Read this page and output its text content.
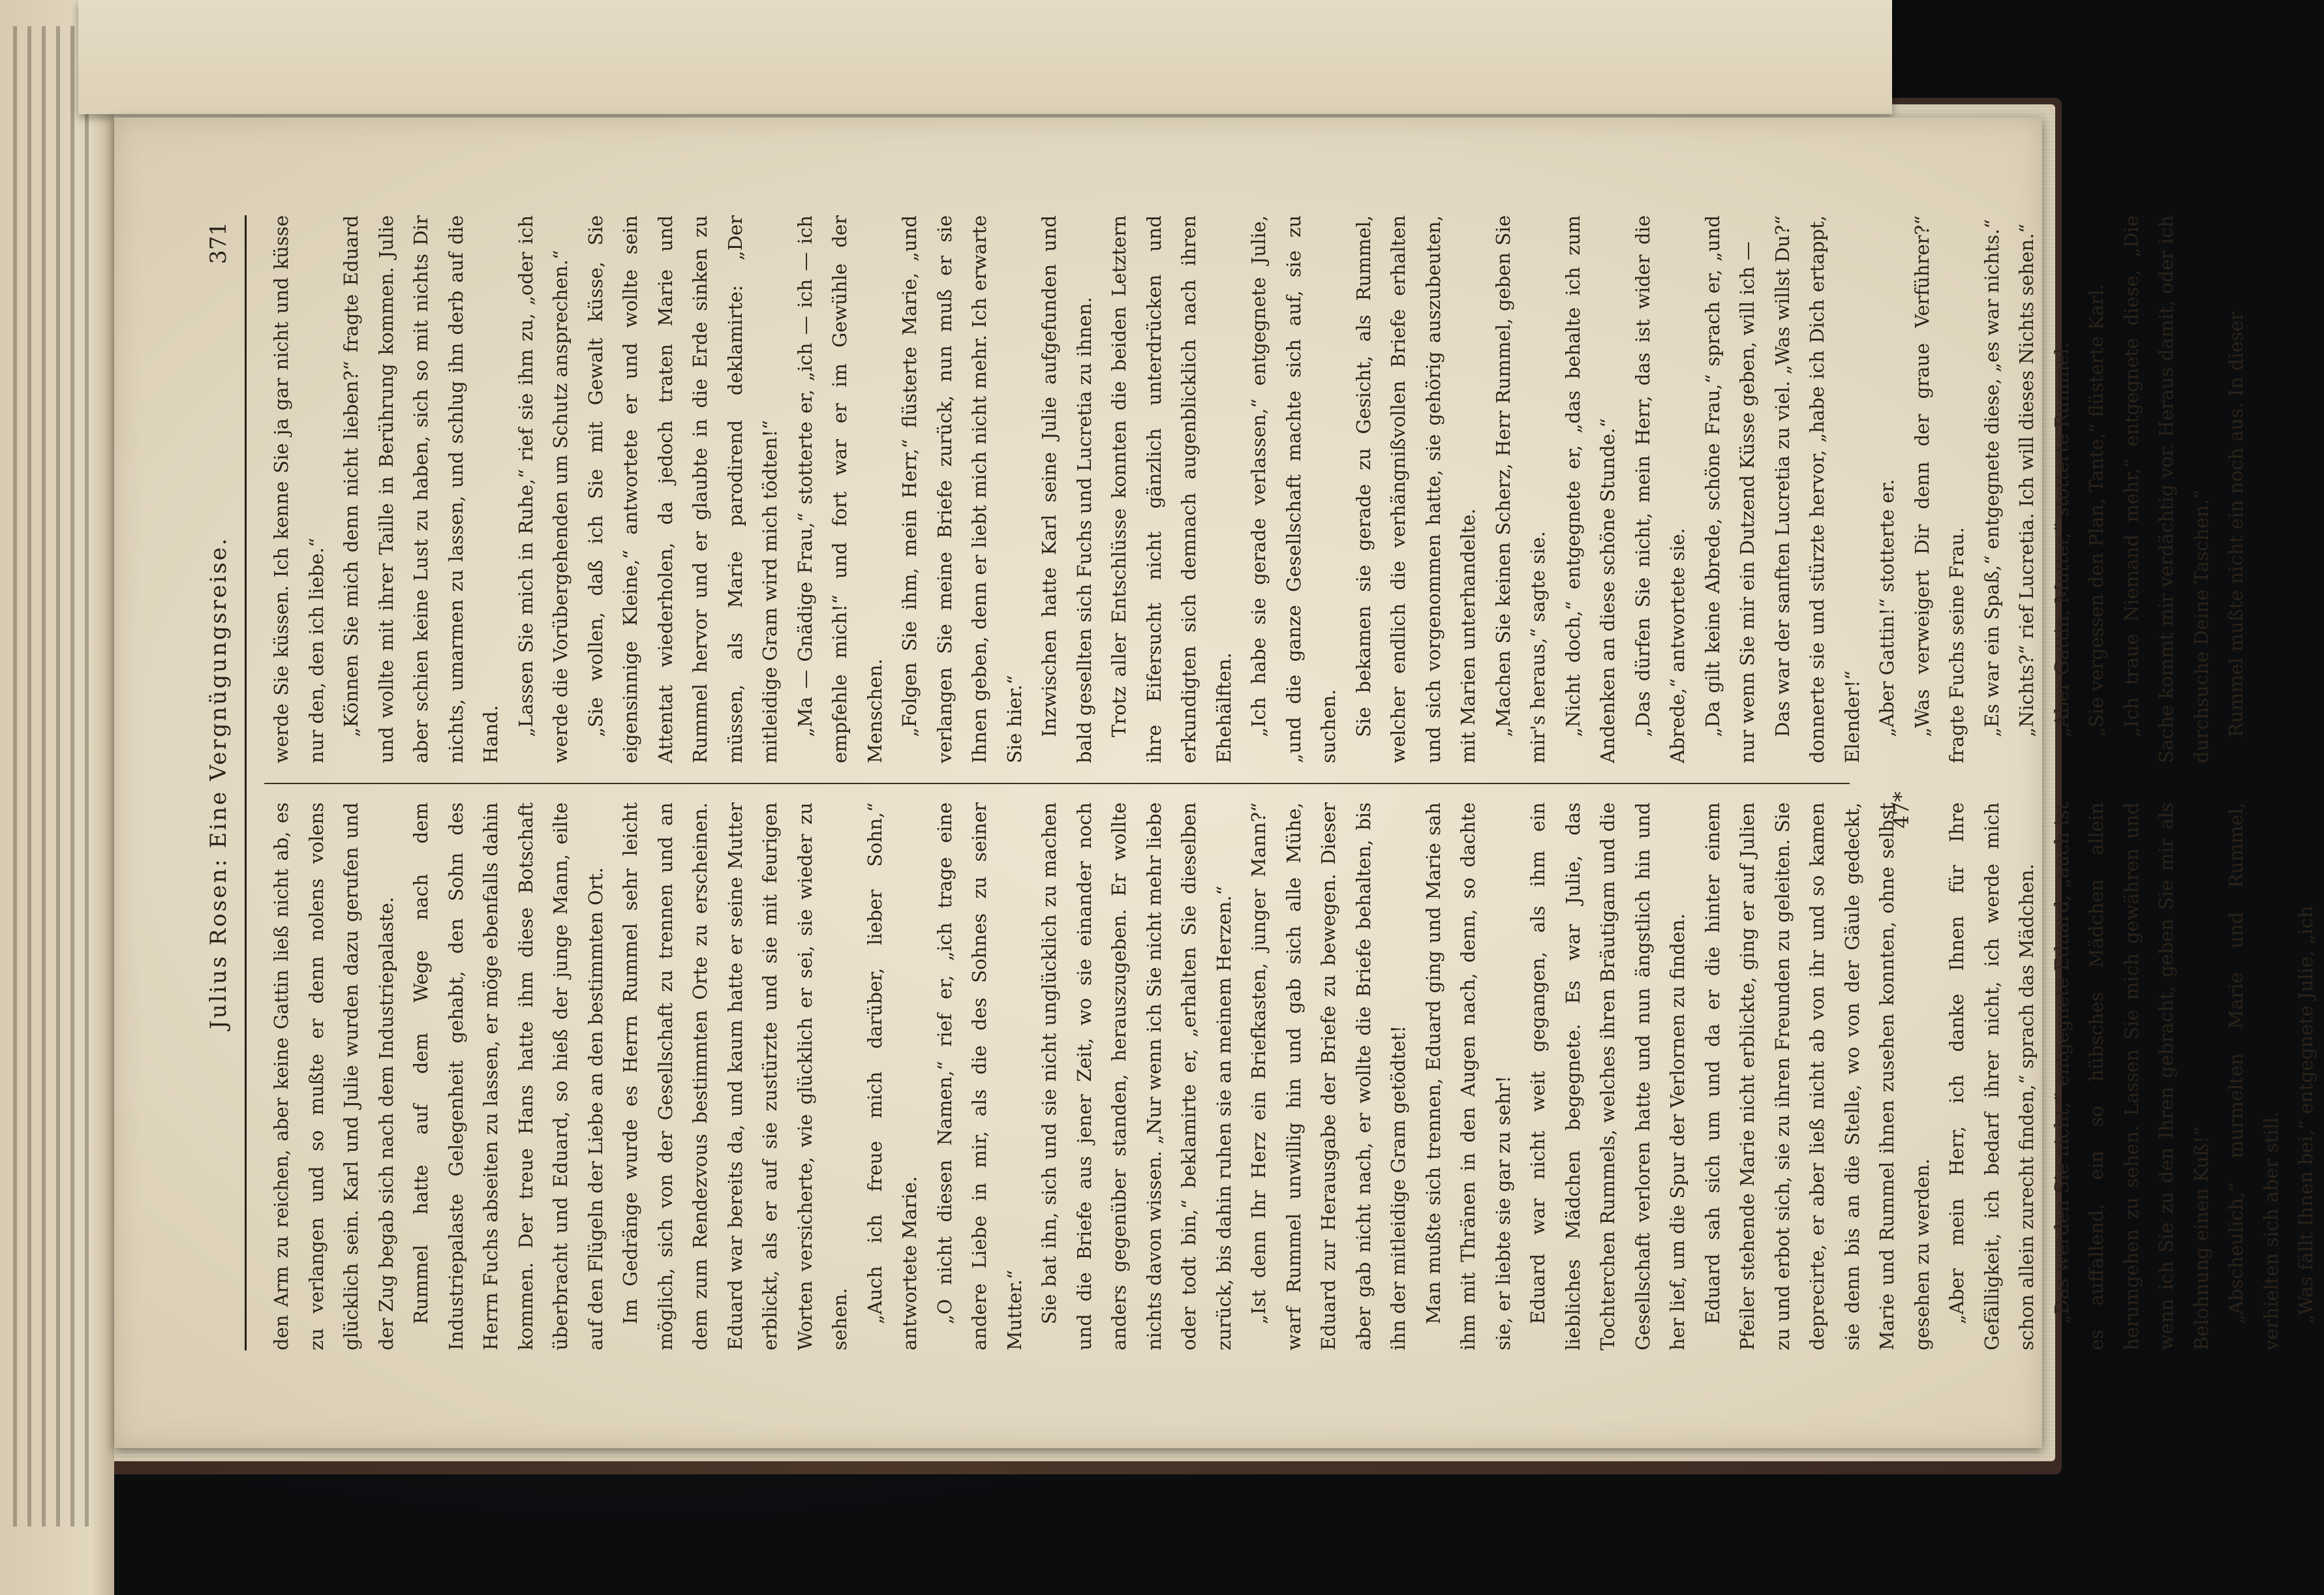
Julius Rosen: Eine Vergnügungsreise.
371

den Arm zu reichen, aber keine Gattin ließ nicht ab, es zu verlangen und so mußte er denn nolens volens glücklich sein. Karl und Julie wurden dazu gerufen und der Zug begab sich nach dem Industriepalaste. Rummel hatte auf dem Wege nach dem Industriepalaste Gelegenheit gehabt, den Sohn des Herrn Fuchs abseiten zu lassen, er möge ebenfalls dahin kommen. Der treue Hans hatte ihm diese Botschaft überbracht und Eduard, so hieß der junge Mann, eilte auf den Flügeln der Liebe an den bestimmten Ort. Im Gedränge wurde es Herrn Rummel sehr leicht möglich, sich von der Gesellschaft zu trennen und an dem zum Rendezvous bestimmten Orte zu erscheinen. Eduard war bereits da, und kaum hatte er seine Mutter erblickt, als er auf sie zustürzte und sie mit feurigen Worten versicherte, wie glücklich er sei, sie wieder zu sehen. „Auch ich freue mich darüber, lieber Sohn,“ antwortete Marie. „O nicht diesen Namen,“ rief er, „ich trage eine andere Liebe in mir, als die des Sohnes zu seiner Mutter.“ Sie bat ihn, sich und sie nicht unglücklich zu machen und die Briefe aus jener Zeit, wo sie einander noch anders gegenüber standen, herauszugeben. Er wollte nichts davon wissen. „Nur wenn ich Sie nicht mehr liebe oder todt bin,“ beklamirte er, „erhalten Sie dieselben zurück, bis dahin ruhen sie an meinem Herzen.“ „Ist denn Ihr Herz ein Briefkasten, junger Mann?“ warf Rummel unwillig hin und gab sich alle Mühe, Eduard zur Herausgabe der Briefe zu bewegen. Dieser aber gab nicht nach, er wollte die Briefe behalten, bis ihn der mitleidige Gram getödtet! Man mußte sich trennen, Eduard ging und Marie sah ihm mit Thränen in den Augen nach, denn, so dachte sie, er liebte sie gar zu sehr! Eduard war nicht weit gegangen, als ihm ein liebliches Mädchen begegnete. Es war Julie, das Tochterchen Rummels, welches ihren Bräutigam und die Gesellschaft verloren hatte und nun ängstlich hin und her lief, um die Spur der Verlornen zu finden. Eduard sah sich um und da er die hinter einem Pfeiler stehende Marie nicht erblickte, ging er auf Julien zu und erbot sich, sie zu ihren Freunden zu geleiten. Sie deprecirte, er aber ließ nicht ab von ihr und so kamen sie denn bis an die Stelle, wo von der Gäule gedeckt, Marie und Rummel ihnen zusehen konnten, ohne selbst gesehen zu werden. „Aber mein Herr, ich danke Ihnen für Ihre Gefälligkeit, ich bedarf ihrer nicht, ich werde mich schon allein zurecht finden,“ sprach das Mädchen. „Das werden Sie nicht,“ entgegnete Eduard, „auch ist es auffallend, ein so hübsches Mädchen allein herumgehen zu sehen. Lassen Sie mich gewähren und wenn ich Sie zu den Ihren gebracht, geben Sie mir als Belohnung einen Kuß!“ „Abscheulich,“ murmelten Marie und Rummel, verhielten sich aber still. „Was fällt Ihnen bei,“ entgegnete Julie, „ich

werde Sie küssen. Ich kenne Sie ja gar nicht und küsse nur den, den ich liebe.“ „Können Sie mich denn nicht lieben?“ fragte Eduard und wollte mit ihrer Taille in Berührung kommen. Julie aber schien keine Lust zu haben, sich so mit nichts Dir nichts, umarmen zu lassen, und schlug ihn derb auf die Hand. „Lassen Sie mich in Ruhe,“ rief sie ihm zu, „oder ich werde die Vorübergehenden um Schutz ansprechen.“ „Sie wollen, daß ich Sie mit Gewalt küsse, Sie eigensinnige Kleine,“ antwortete er und wollte sein Attentat wiederholen, da jedoch traten Marie und Rummel hervor und er glaubte in die Erde sinken zu müssen, als Marie parodirend deklamirte: „Der mitleidige Gram wird mich tödten!“ „Ma — Gnädige Frau,“ stotterte er, „ich — ich — ich empfehle mich!“ und fort war er im Gewühle der Menschen. „Folgen Sie ihm, mein Herr,“ flüsterte Marie, „und verlangen Sie meine Briefe zurück, nun muß er sie Ihnen geben, denn er liebt mich nicht mehr. Ich erwarte Sie hier.“ Inzwischen hatte Karl seine Julie aufgefunden und bald gesellten sich Fuchs und Lucretia zu ihnen. Trotz aller Entschlüsse konnten die beiden Letztern ihre Eifersucht nicht gänzlich unterdrücken und erkundigten sich demnach augenblicklich nach ihren Ehehälften. „Ich habe sie gerade verlassen,“ entgegnete Julie, „und die ganze Gesellschaft machte sich auf, sie zu suchen. Sie bekamen sie gerade zu Gesicht, als Rummel, welcher endlich die verhängnißvollen Briefe erhalten und sich vorgenommen hatte, sie gehörig auszubeuten, mit Marien unterhandelte. „Machen Sie keinen Scherz, Herr Rummel, geben Sie mir's heraus,“ sagte sie. „Nicht doch,“ entgegnete er, „das behalte ich zum Andenken an diese schöne Stunde.“ „Das dürfen Sie nicht, mein Herr, das ist wider die Abrede,“ antwortete sie. „Da gilt keine Abrede, schöne Frau,“ sprach er, „und nur wenn Sie mir ein Dutzend Küsse geben, will ich — Das war der sanften Lucretia zu viel. „Was willst Du?“ donnerte sie und stürzte hervor, „habe ich Dich ertappt, Elender!“ „Aber Gattin!“ stotterte er. „Was verweigert Dir denn der graue Verführer?“ fragte Fuchs seine Frau. „Es war ein Spaß,“ entgegnete diese, „es war nichts.“ „Nichts?“ rief Lucretia. Ich will dieses Nichts sehen.“ „Aber Gattin, Mutter,“ stotterte Rummel. „Sie vergessen den Plan, Tante,“ flüsterte Karl. „Ich traue Niemand mehr,“ entgegnete diese, „Die Sache kommt mir verdächtig vor. Heraus damit, oder ich durchsuche Deine Taschen.“ Rummel mußte nicht ein noch aus. In dieser

47*
